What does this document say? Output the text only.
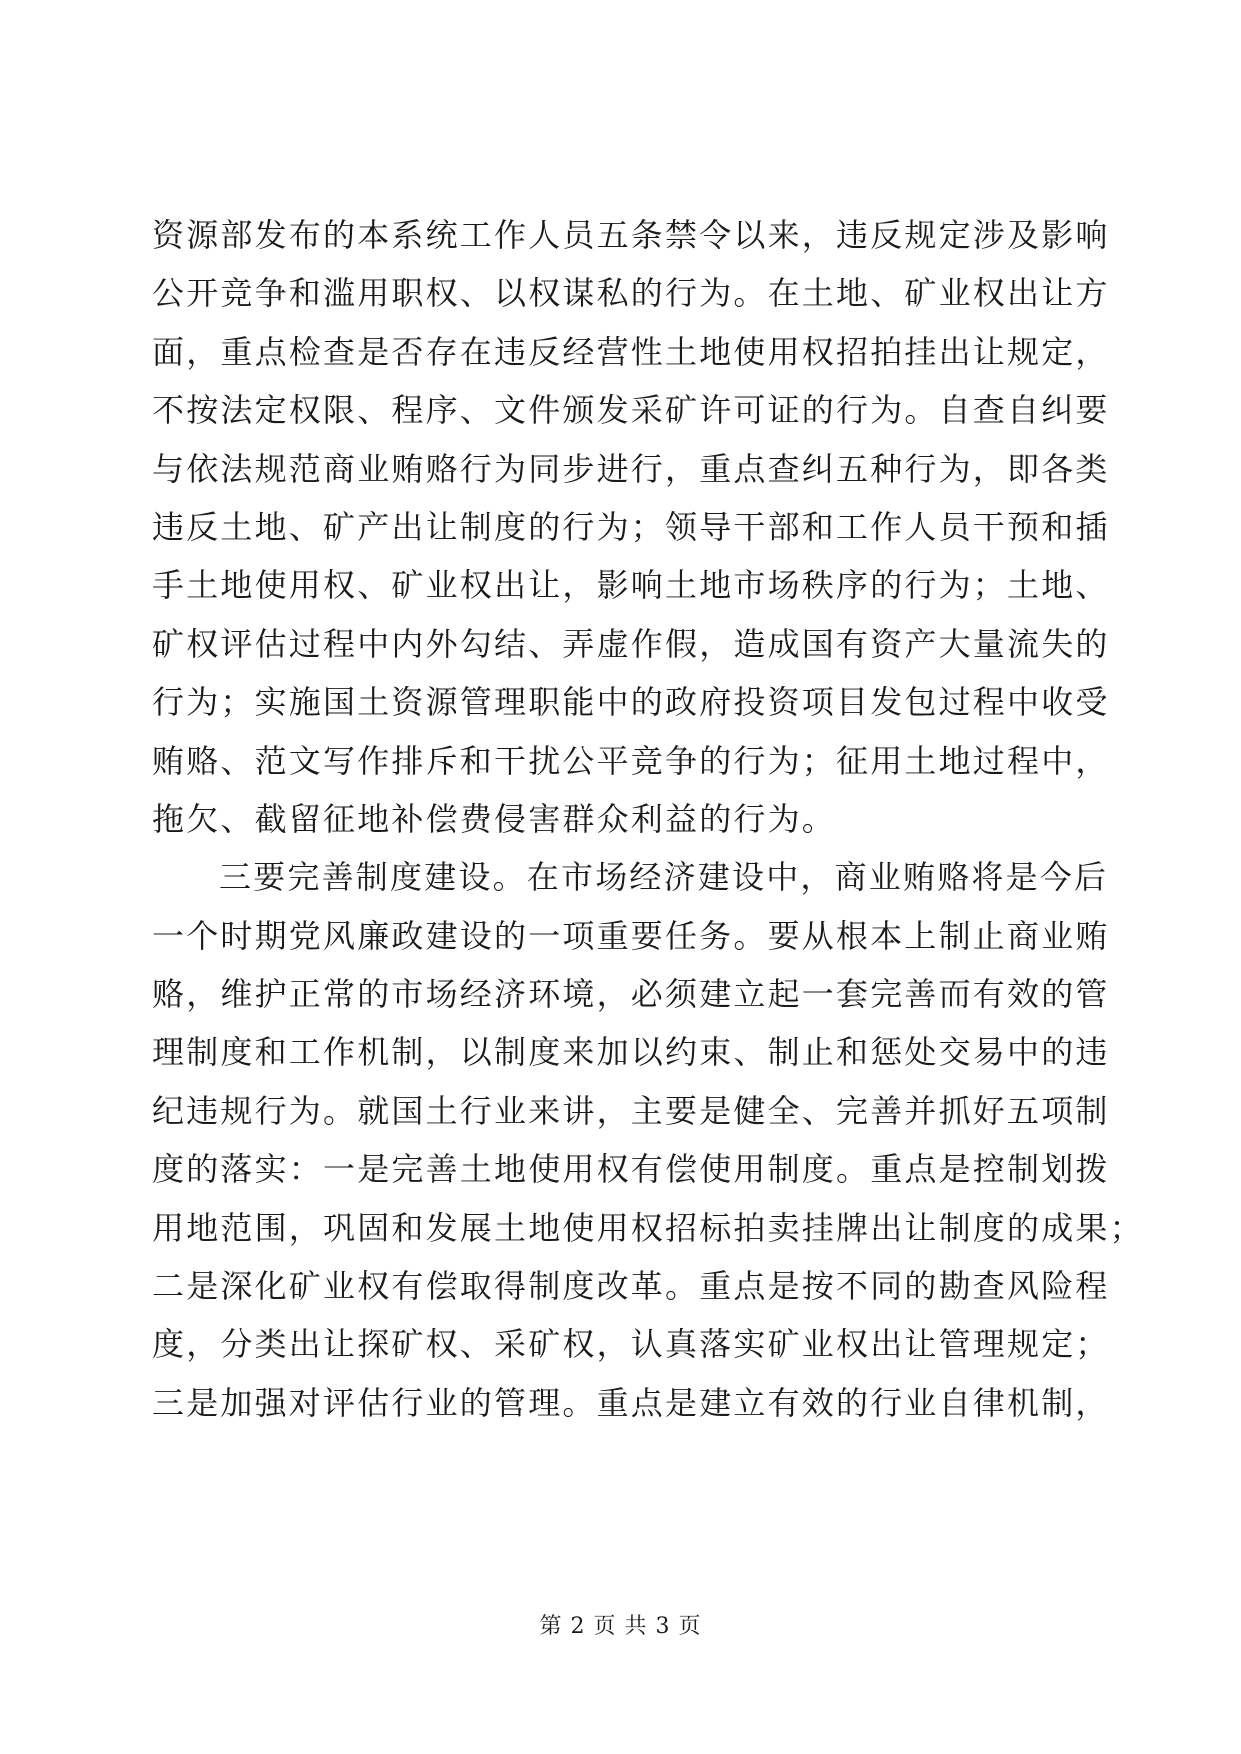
资源部发布的本系统工作人员五条禁令以来，违反规定涉及影响
公开竞争和滥用职权、以权谋私的行为。在土地、矿业权出让方
面，重点检查是否存在违反经营性土地使用权招拍挂出让规定，
不按法定权限、程序、文件颁发采矿许可证的行为。自查自纠要
与依法规范商业贿赂行为同步进行，重点查纠五种行为，即各类
违反土地、矿产出让制度的行为；领导干部和工作人员干预和插
手土地使用权、矿业权出让，影响土地市场秩序的行为；土地、
矿权评估过程中内外勾结、弄虚作假，造成国有资产大量流失的
行为；实施国土资源管理职能中的政府投资项目发包过程中收受
贿赂、范文写作排斥和干扰公平竞争的行为；征用土地过程中，
拖欠、截留征地补偿费侵害群众利益的行为。
三要完善制度建设。在市场经济建设中，商业贿赂将是今后
一个时期党风廉政建设的一项重要任务。要从根本上制止商业贿
赂，维护正常的市场经济环境，必须建立起一套完善而有效的管
理制度和工作机制，以制度来加以约束、制止和惩处交易中的违
纪违规行为。就国土行业来讲，主要是健全、完善并抓好五项制
度的落实：一是完善土地使用权有偿使用制度。重点是控制划拨
用地范围，巩固和发展土地使用权招标拍卖挂牌出让制度的成果；
二是深化矿业权有偿取得制度改革。重点是按不同的勘查风险程
度，分类出让探矿权、采矿权，认真落实矿业权出让管理规定；
三是加强对评估行业的管理。重点是建立有效的行业自律机制，
第 2 页 共 3 页
